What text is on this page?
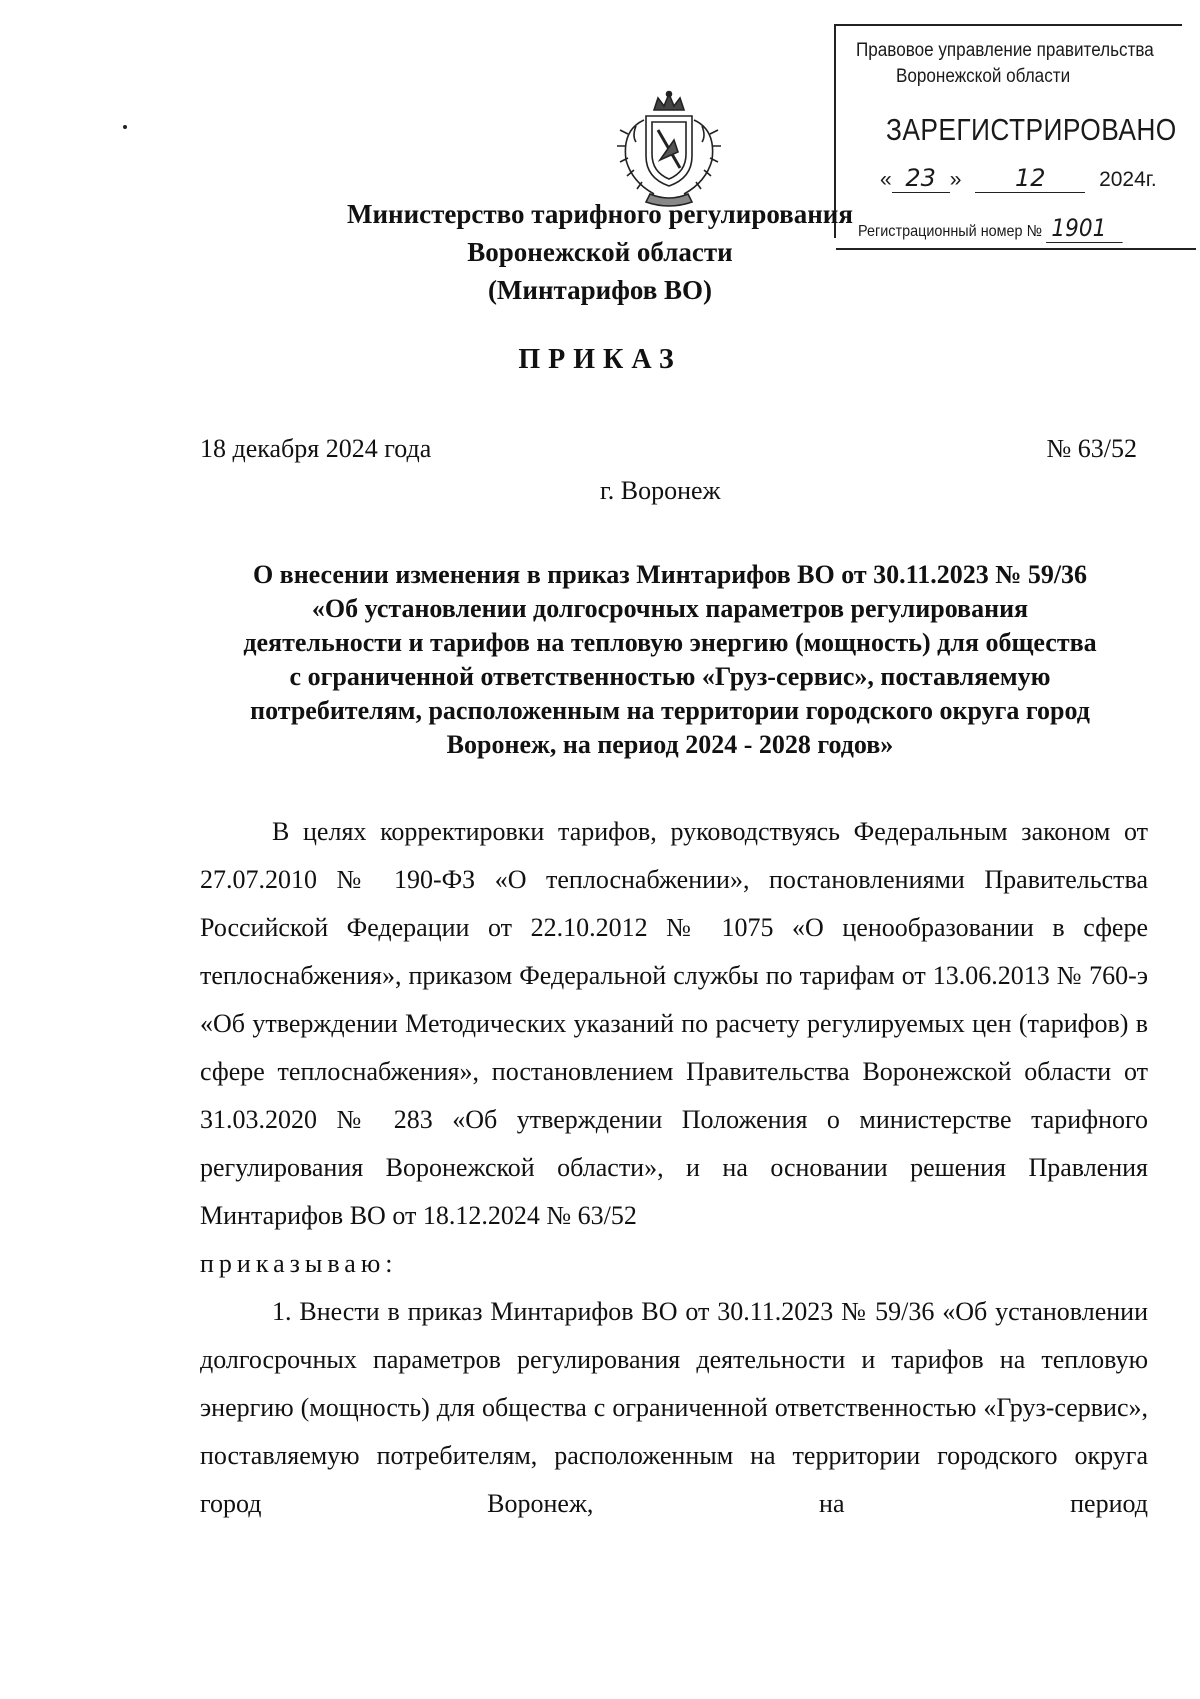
Правовое управление правительства
Воронежской области
ЗАРЕГИСТРИРОВАНО
« 23 » 12	2024г.
Регистрационный номер № 1901
Министерство тарифного регулирования
Воронежской области
(Минтарифов ВО)
ПРИКАЗ
18 декабря 2024 года	№ 63/52
г. Воронеж
О внесении изменения в приказ Минтарифов ВО от 30.11.2023 № 59/36
«Об установлении долгосрочных параметров регулирования
деятельности и тарифов на тепловую энергию (мощность) для общества
с ограниченной ответственностью «Груз-сервис», поставляемую
потребителям, расположенным на территории городского округа город
Воронеж, на период 2024 - 2028 годов»

В целях корректировки тарифов, руководствуясь Федеральным законом от 27.07.2010 № 190-ФЗ «О теплоснабжении», постановлениями Правительства Российской Федерации от 22.10.2012 № 1075 «О ценообразовании в сфере теплоснабжения», приказом Федеральной службы по тарифам от 13.06.2013 № 760-э «Об утверждении Методических указаний по расчету регулируемых цен (тарифов) в сфере теплоснабжения», постановлением Правительства Воронежской области от 31.03.2020 № 283 «Об утверждении Положения о министерстве тарифного регулирования Воронежской области», и на основании решения Правления Минтарифов ВО от 18.12.2024 № 63/52

приказываю:

1. Внести в приказ Минтарифов ВО от 30.11.2023 № 59/36 «Об установлении долгосрочных параметров регулирования деятельности и тарифов на тепловую энергию (мощность) для общества с ограниченной ответственностью «Груз-сервис», поставляемую потребителям, расположенным на территории городского округа город Воронеж, на период
